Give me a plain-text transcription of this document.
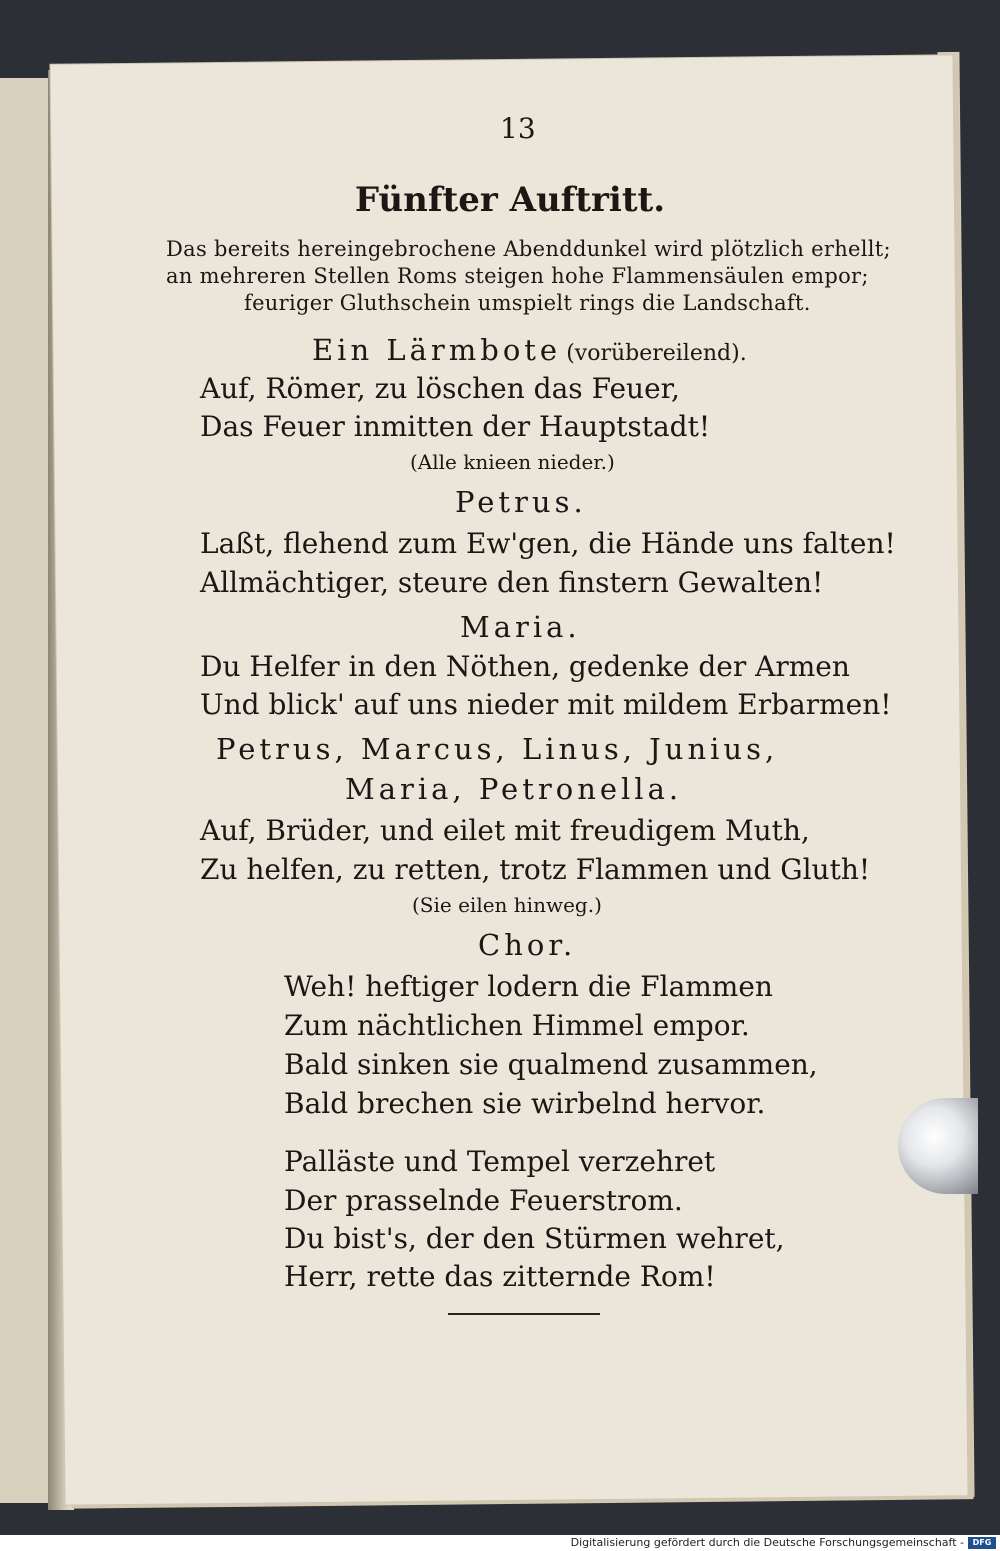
13
Fünfter Auftritt.
Das bereits hereingebrochene Abenddunkel wird plötzlich erhellt;
an mehreren Stellen Roms steigen hohe Flammensäulen empor;
feuriger Gluthschein umspielt rings die Landschaft.
Ein Lärmbote (vorübereilend).
Auf, Römer, zu löschen das Feuer,
Das Feuer inmitten der Hauptstadt!
(Alle knieen nieder.)
Petrus.
Laßt, flehend zum Ew'gen, die Hände uns falten!
Allmächtiger, steure den finstern Gewalten!
Maria.
Du Helfer in den Nöthen, gedenke der Armen
Und blick' auf uns nieder mit mildem Erbarmen!
Petrus, Marcus, Linus, Junius,
Maria, Petronella.
Auf, Brüder, und eilet mit freudigem Muth,
Zu helfen, zu retten, trotz Flammen und Gluth!
(Sie eilen hinweg.)
Chor.
Weh! heftiger lodern die Flammen
Zum nächtlichen Himmel empor.
Bald sinken sie qualmend zusammen,
Bald brechen sie wirbelnd hervor.
Palläste und Tempel verzehret
Der prasselnde Feuerstrom.
Du bist's, der den Stürmen wehret,
Herr, rette das zitternde Rom!
Digitalisierung gefördert durch die Deutsche Forschungsgemeinschaft -	DFG
